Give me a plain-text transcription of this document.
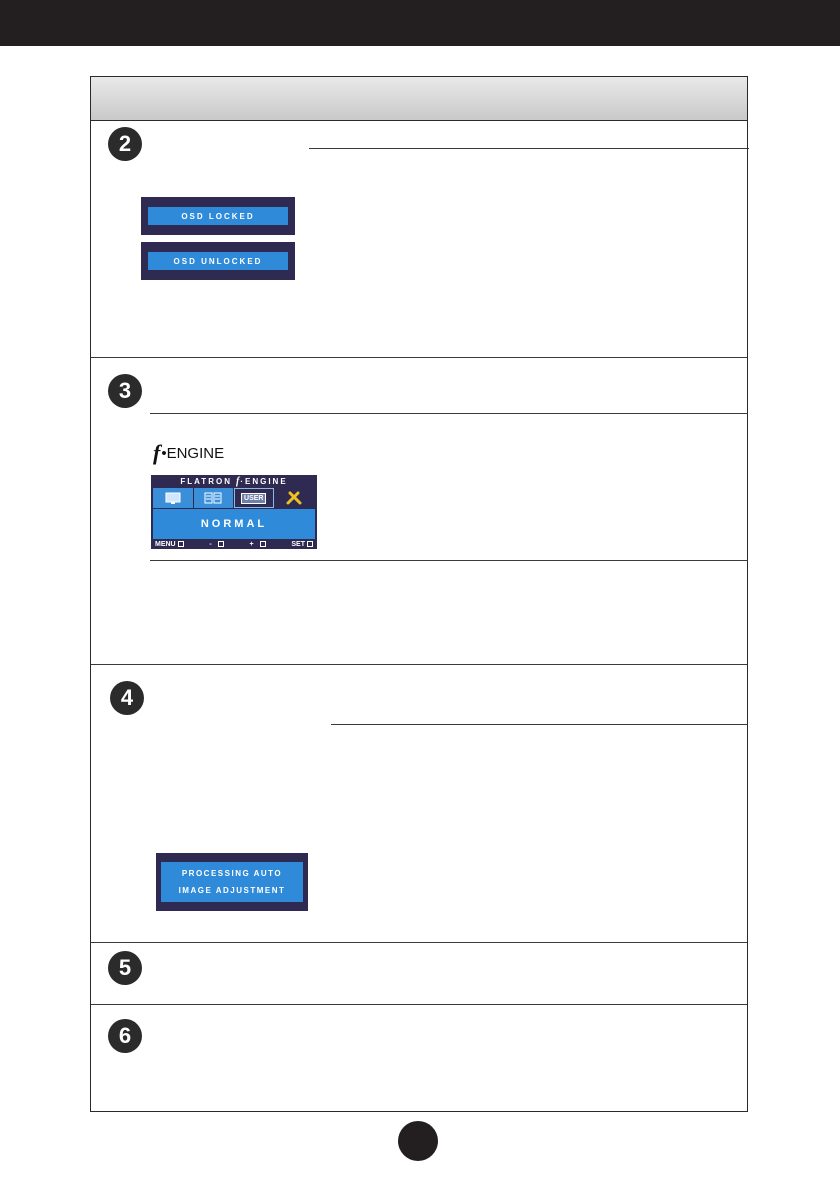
2
OSD LOCKED
OSD UNLOCKED
3
f •ENGINE
FLATRON f ·ENGINE
USER
NORMAL
MENU	-	+	SET
4
PROCESSING AUTO
IMAGE ADJUSTMENT
5
6
